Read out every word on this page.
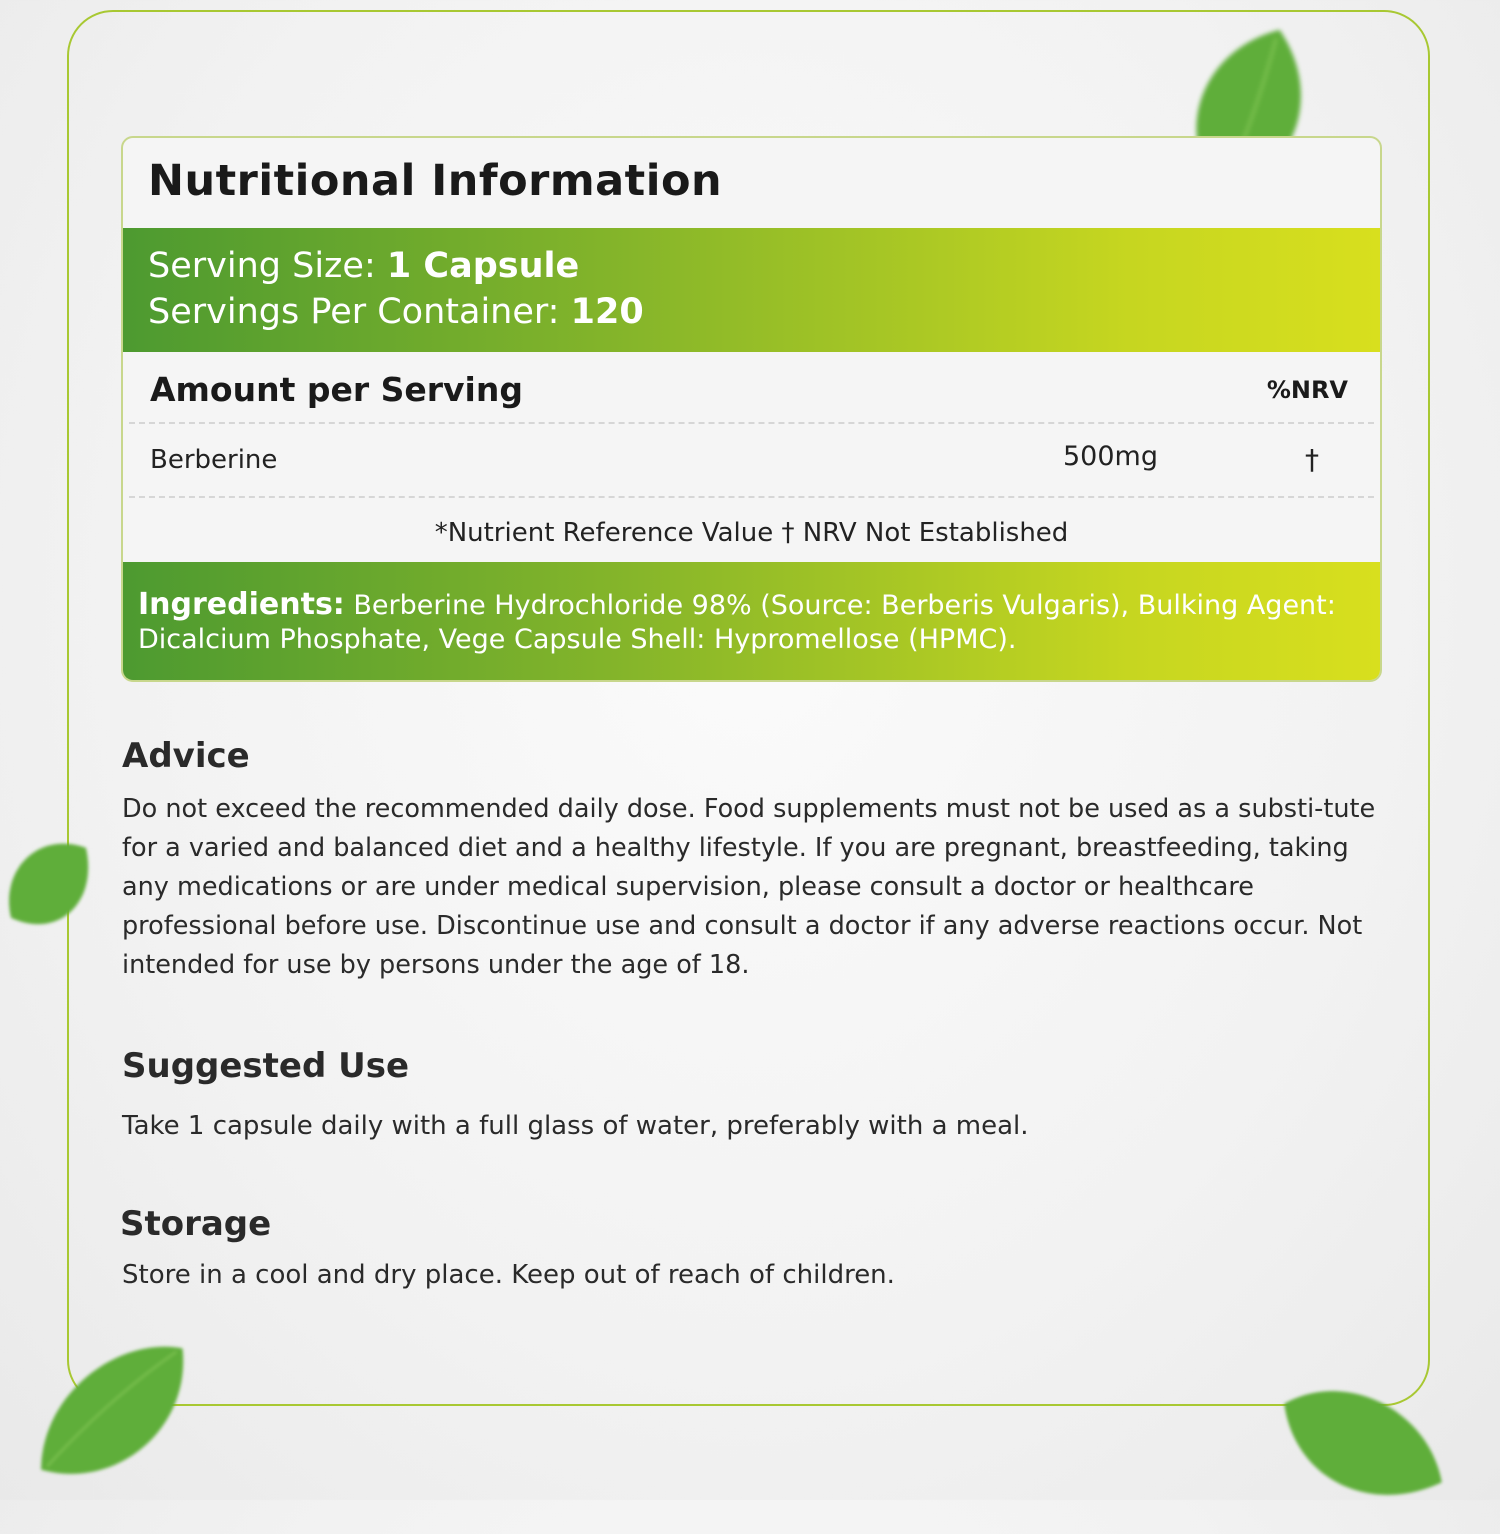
Nutritional Information
Serving Size: 1 Capsule
Servings Per Container: 120
Amount per Serving	%NRV
Berberine	500mg	†
*Nutrient Reference Value † NRV Not Established
Ingredients: Berberine Hydrochloride 98% (Source: Berberis Vulgaris), Bulking Agent: Dicalcium Phosphate, Vege Capsule Shell: Hypromellose (HPMC).
Advice
Do not exceed the recommended daily dose. Food supplements must not be used as a substi-tute for a varied and balanced diet and a healthy lifestyle. If you are pregnant, breastfeeding, taking any medications or are under medical supervision, please consult a doctor or healthcare professional before use. Discontinue use and consult a doctor if any adverse reactions occur. Not intended for use by persons under the age of 18.
Suggested Use
Take 1 capsule daily with a full glass of water, preferably with a meal.
Storage
Store in a cool and dry place. Keep out of reach of children.
